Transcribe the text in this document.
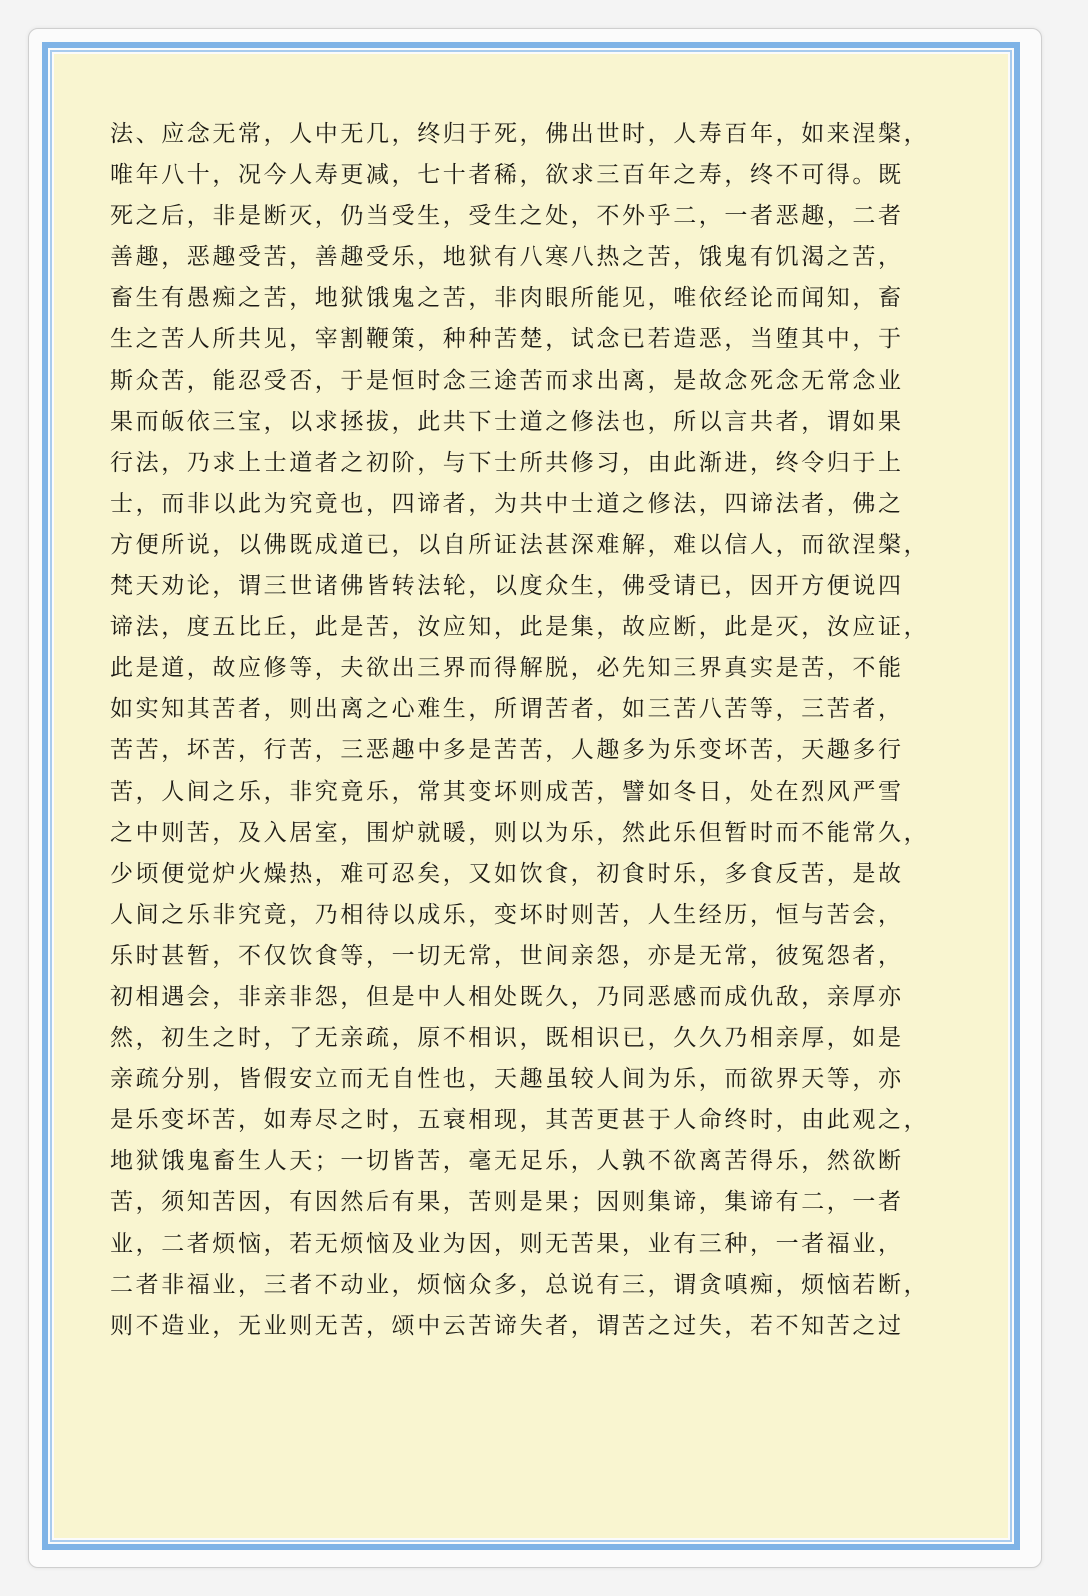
法、应念无常，人中无几，终归于死，佛出世时，人寿百年，如来涅槃，
唯年八十，况今人寿更减，七十者稀，欲求三百年之寿，终不可得。既
死之后，非是断灭，仍当受生，受生之处，不外乎二，一者恶趣，二者
善趣，恶趣受苦，善趣受乐，地狱有八寒八热之苦，饿鬼有饥渴之苦，
畜生有愚痴之苦，地狱饿鬼之苦，非肉眼所能见，唯依经论而闻知，畜
生之苦人所共见，宰割鞭策，种种苦楚，试念已若造恶，当堕其中，于
斯众苦，能忍受否，于是恒时念三途苦而求出离，是故念死念无常念业
果而皈依三宝，以求拯拔，此共下士道之修法也，所以言共者，谓如果
行法，乃求上士道者之初阶，与下士所共修习，由此渐进，终令归于上
士，而非以此为究竟也，四谛者，为共中士道之修法，四谛法者，佛之
方便所说，以佛既成道已，以自所证法甚深难解，难以信人，而欲涅槃，
梵天劝论，谓三世诸佛皆转法轮，以度众生，佛受请已，因开方便说四
谛法，度五比丘，此是苦，汝应知，此是集，故应断，此是灭，汝应证，
此是道，故应修等，夫欲出三界而得解脱，必先知三界真实是苦，不能
如实知其苦者，则出离之心难生，所谓苦者，如三苦八苦等，三苦者，
苦苦，坏苦，行苦，三恶趣中多是苦苦，人趣多为乐变坏苦，天趣多行
苦，人间之乐，非究竟乐，常其变坏则成苦，譬如冬日，处在烈风严雪
之中则苦，及入居室，围炉就暖，则以为乐，然此乐但暂时而不能常久，
少顷便觉炉火燥热，难可忍矣，又如饮食，初食时乐，多食反苦，是故
人间之乐非究竟，乃相待以成乐，变坏时则苦，人生经历，恒与苦会，
乐时甚暂，不仅饮食等，一切无常，世间亲怨，亦是无常，彼冤怨者，
初相遇会，非亲非怨，但是中人相处既久，乃同恶感而成仇敌，亲厚亦
然，初生之时，了无亲疏，原不相识，既相识已，久久乃相亲厚，如是
亲疏分别，皆假安立而无自性也，天趣虽较人间为乐，而欲界天等，亦
是乐变坏苦，如寿尽之时，五衰相现，其苦更甚于人命终时，由此观之，
地狱饿鬼畜生人天；一切皆苦，毫无足乐，人孰不欲离苦得乐，然欲断
苦，须知苦因，有因然后有果，苦则是果；因则集谛，集谛有二，一者
业，二者烦恼，若无烦恼及业为因，则无苦果，业有三种，一者福业，
二者非福业，三者不动业，烦恼众多，总说有三，谓贪嗔痴，烦恼若断，
则不造业，无业则无苦，颂中云苦谛失者，谓苦之过失，若不知苦之过
